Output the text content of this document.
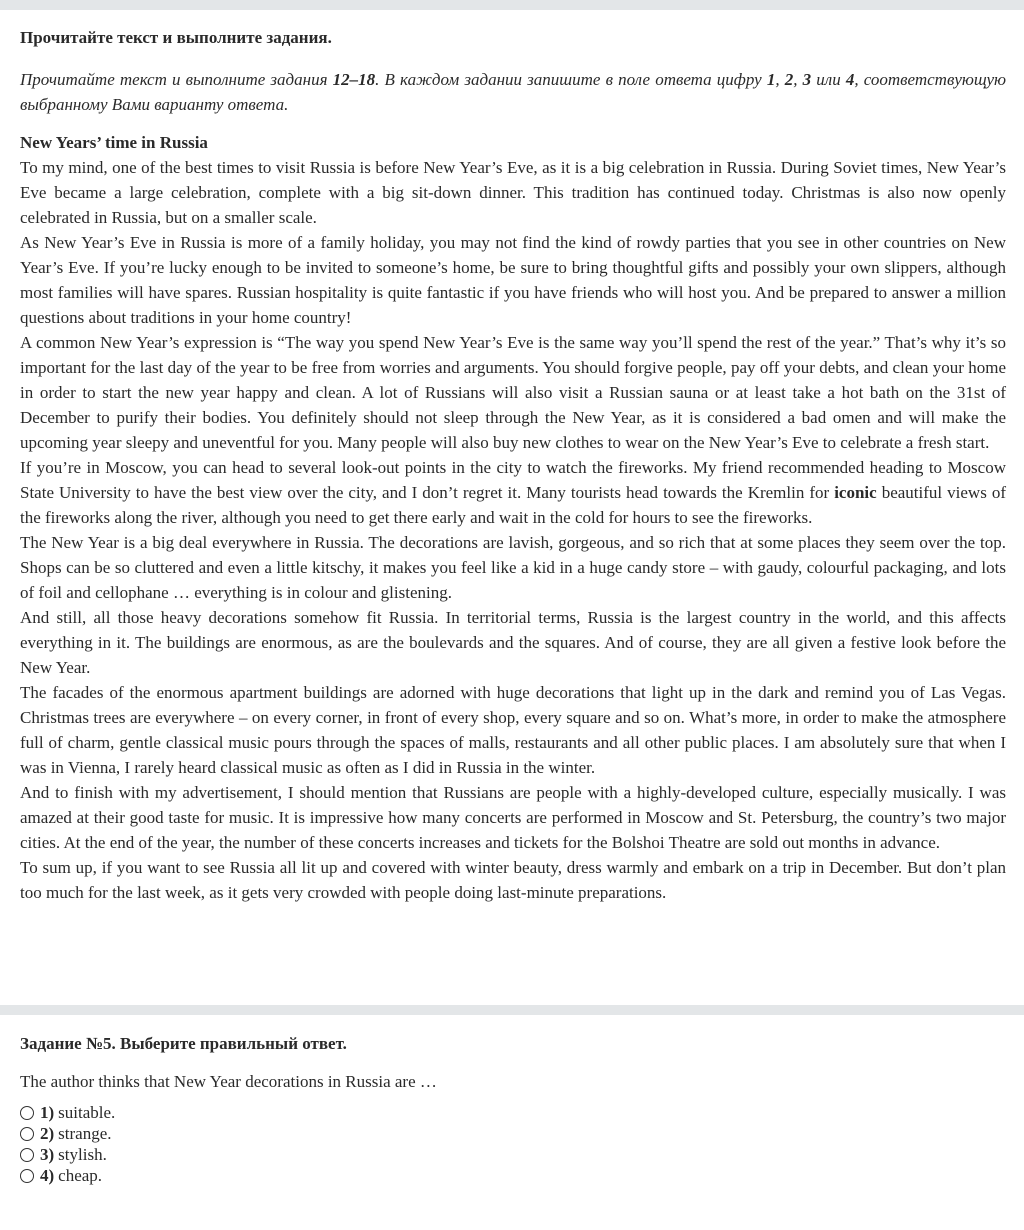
Прочитайте текст и выполните задания.

Прочитайте текст и выполните задания 12–18. В каждом задании запишите в поле ответа цифру 1, 2, 3 или 4, соответствующую выбранному Вами варианту ответа.

New Years’ time in Russia

To my mind, one of the best times to visit Russia is before New Year’s Eve, as it is a big celebration in Russia. During Soviet times, New Year’s Eve became a large celebration, complete with a big sit-down dinner. This tradition has continued today. Christmas is also now openly celebrated in Russia, but on a smaller scale.

As New Year’s Eve in Russia is more of a family holiday, you may not find the kind of rowdy parties that you see in other countries on New Year’s Eve. If you’re lucky enough to be invited to someone’s home, be sure to bring thoughtful gifts and possibly your own slippers, although most families will have spares. Russian hospitality is quite fantastic if you have friends who will host you. And be prepared to answer a million questions about traditions in your home country!

A common New Year’s expression is “The way you spend New Year’s Eve is the same way you’ll spend the rest of the year.” That’s why it’s so important for the last day of the year to be free from worries and arguments. You should forgive people, pay off your debts, and clean your home in order to start the new year happy and clean. A lot of Russians will also visit a Russian sauna or at least take a hot bath on the 31st of December to purify their bodies. You definitely should not sleep through the New Year, as it is considered a bad omen and will make the upcoming year sleepy and uneventful for you. Many people will also buy new clothes to wear on the New Year’s Eve to celebrate a fresh start.

If you’re in Moscow, you can head to several look-out points in the city to watch the fireworks. My friend recommended heading to Moscow State University to have the best view over the city, and I don’t regret it. Many tourists head towards the Kremlin for iconic beautiful views of the fireworks along the river, although you need to get there early and wait in the cold for hours to see the fireworks.

The New Year is a big deal everywhere in Russia. The decorations are lavish, gorgeous, and so rich that at some places they seem over the top. Shops can be so cluttered and even a little kitschy, it makes you feel like a kid in a huge candy store – with gaudy, colourful packaging, and lots of foil and cellophane … everything is in colour and glistening.

And still, all those heavy decorations somehow fit Russia. In territorial terms, Russia is the largest country in the world, and this affects everything in it. The buildings are enormous, as are the boulevards and the squares. And of course, they are all given a festive look before the New Year.

The facades of the enormous apartment buildings are adorned with huge decorations that light up in the dark and remind you of Las Vegas. Christmas trees are everywhere – on every corner, in front of every shop, every square and so on. What’s more, in order to make the atmosphere full of charm, gentle classical music pours through the spaces of malls, restaurants and all other public places. I am absolutely sure that when I was in Vienna, I rarely heard classical music as often as I did in Russia in the winter.

And to finish with my advertisement, I should mention that Russians are people with a highly-developed culture, especially musically. I was amazed at their good taste for music. It is impressive how many concerts are performed in Moscow and St. Petersburg, the country’s two major cities. At the end of the year, the number of these concerts increases and tickets for the Bolshoi Theatre are sold out months in advance.

To sum up, if you want to see Russia all lit up and covered with winter beauty, dress warmly and embark on a trip in December. But don’t plan too much for the last week, as it gets very crowded with people doing last-minute preparations.

Задание №5. Выберите правильный ответ.

The author thinks that New Year decorations in Russia are …

1) suitable.
2) strange.
3) stylish.
4) cheap.
